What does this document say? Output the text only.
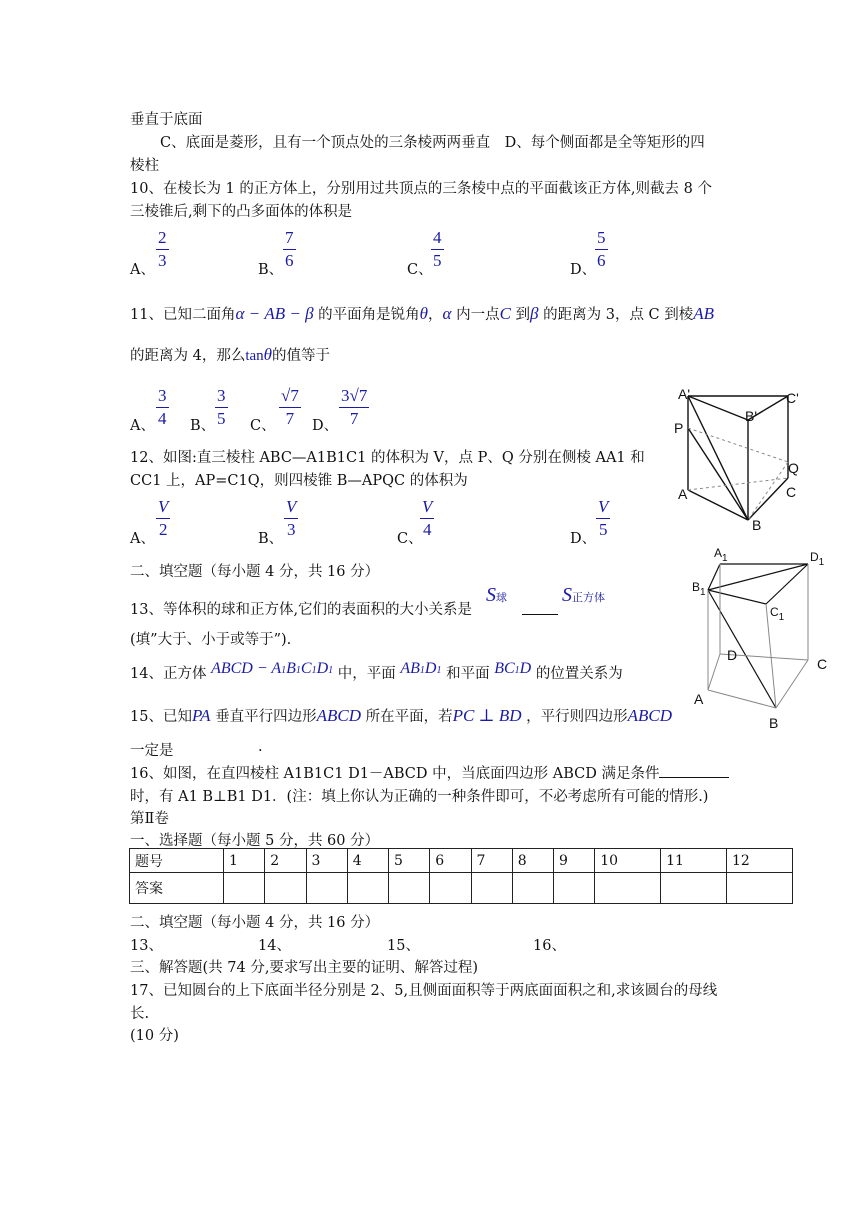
垂直于底面
C、底面是菱形，且有一个顶点处的三条棱两两垂直　D、每个侧面都是全等矩形的四
棱柱
10、在棱长为 1 的正方体上，分别用过共顶点的三条棱中点的平面截该正方体,则截去 8 个
三棱锥后,剩下的凸多面体的体积是
A、 $\frac{2}{3}$	B、 $\frac{7}{6}$	C、
$\frac{4}{5}$	D、
$\frac{5}{6}$
11、已知二面角α − AB − β 的平面角是锐角θ，α 内一点C 到β 的距离为 3，点 C 到棱AB
的距离为 4，那么tanθ的值等于
A、 $\frac{3}{4}$ B、 $\frac{3}{5}$ C、 $\frac{√7}{7}$ D、 $\frac{3√7}{7}$
12、如图:直三棱柱 ABC—A1B1C1 的体积为 V，点 P、Q 分别在侧棱 AA1 和
CC1 上，AP=C1Q，则四棱锥 B—APQC 的体积为
A、 $\frac{V}{2}$	B、 $\frac{V}{3}$	C、
$\frac{V}{4}$	D、 $\frac{V}{5}$
二、填空题（每小题 4 分，共 16 分）
13、等体积的球和正方体,它们的表面积的大小关系是
S球	S正方体
(填”大于、小于或等于”).
14、正方体 ABCD − A1B1C1D1 中，平面 AB1D1 和平面 BC1D 的位置关系为
15、已知PA 垂直平行四边形ABCD 所在平面，若PC ⊥ BD ，平行则四边形ABCD
一定是	.
16、如图，在直四棱柱 A1B1C1 D1－ABCD 中，当底面四边形 ABCD 满足条件
时，有 A1 B⊥B1 D1．(注：填上你认为正确的一种条件即可，不必考虑所有可能的情形.)
第Ⅱ卷
一、选择题（每小题 5 分，共 60 分）
题号	1	2	3	4	5	6	7	8	9	10	11	12
答案												
二、填空题（每小题 4 分，共 16 分）
13、	14、	15、	16、
三、解答题(共 74 分,要求写出主要的证明、解答过程)
17、已知圆台的上下底面半径分别是 2、5,且侧面面积等于两底面面积之和,求该圆台的母线
长.
(10 分)
A'	C'
B'
P
Q
A	C
B
$A_1$	$D_1$
$B_1$
$C_1$
D
C
A
B
